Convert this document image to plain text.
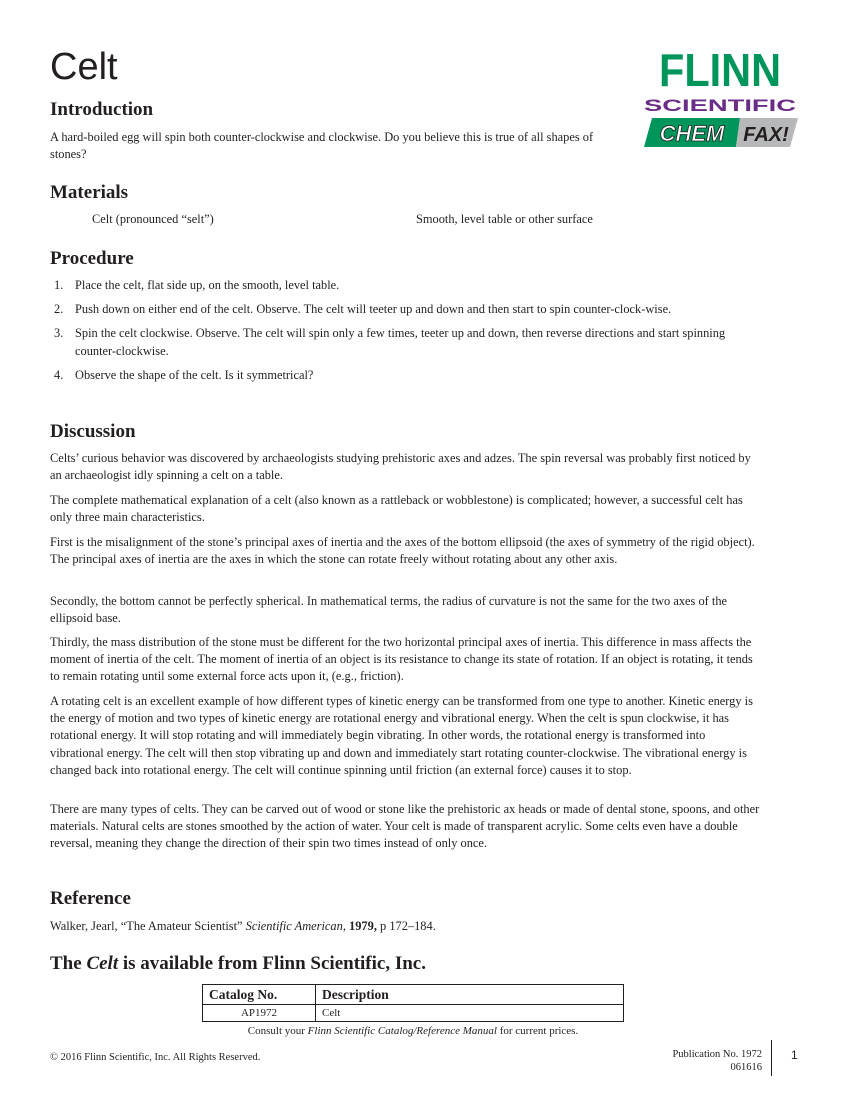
Celt	FLINN
SCIENTIFIC
CHEM FAX!
Introduction

A hard-boiled egg will spin both counter-clockwise and clockwise. Do you believe this is true of all shapes of stones?

Materials
Celt (pronounced “selt”)	Smooth, level table or other surface
Procedure
1. Place the celt, flat side up, on the smooth, level table.
2. Push down on either end of the celt. Observe. The celt will teeter up and down and then start to spin counter-clock-wise.
3. Spin the celt clockwise. Observe. The celt will spin only a few times, teeter up and down, then reverse directions and start spinning counter-clockwise.
4. Observe the shape of the celt. Is it symmetrical?
Discussion

Celts’ curious behavior was discovered by archaeologists studying prehistoric axes and adzes. The spin reversal was probably first noticed by an archaeologist idly spinning a celt on a table.

The complete mathematical explanation of a celt (also known as a rattleback or wobblestone) is complicated; however, a successful celt has only three main characteristics.

First is the misalignment of the stone’s principal axes of inertia and the axes of the bottom ellipsoid (the axes of symmetry of the rigid object). The principal axes of inertia are the axes in which the stone can rotate freely without rotating about any other axis.

Secondly, the bottom cannot be perfectly spherical. In mathematical terms, the radius of curvature is not the same for the two axes of the ellipsoid base.

Thirdly, the mass distribution of the stone must be different for the two horizontal principal axes of inertia. This difference in mass affects the moment of inertia of the celt. The moment of inertia of an object is its resistance to change its state of rotation. If an object is rotating, it tends to remain rotating until some external force acts upon it, (e.g., friction).

A rotating celt is an excellent example of how different types of kinetic energy can be transformed from one type to another. Kinetic energy is the energy of motion and two types of kinetic energy are rotational energy and vibrational energy. When the celt is spun clockwise, it has rotational energy. It will stop rotating and will immediately begin vibrating. In other words, the rotational energy is transformed into vibrational energy. The celt will then stop vibrating up and down and immediately start rotating counter-clockwise. The vibrational energy is changed back into rotational energy. The celt will continue spinning until friction (an external force) causes it to stop.

There are many types of celts. They can be carved out of wood or stone like the prehistoric ax heads or made of dental stone, spoons, and other materials. Natural celts are stones smoothed by the action of water. Your celt is made of transparent acrylic. Some celts even have a double reversal, meaning they change the direction of their spin two times instead of only once.

Reference
Walker, Jearl, “The Amateur Scientist” Scientific American, 1979, p 172–184.
The Celt is available from Flinn Scientific, Inc.
Catalog No.	Description
AP1972	Celt
Consult your Flinn Scientific Catalog/Reference Manual for current prices.
© 2016 Flinn Scientific, Inc. All Rights Reserved.	Publication No. 1972
061616
1
